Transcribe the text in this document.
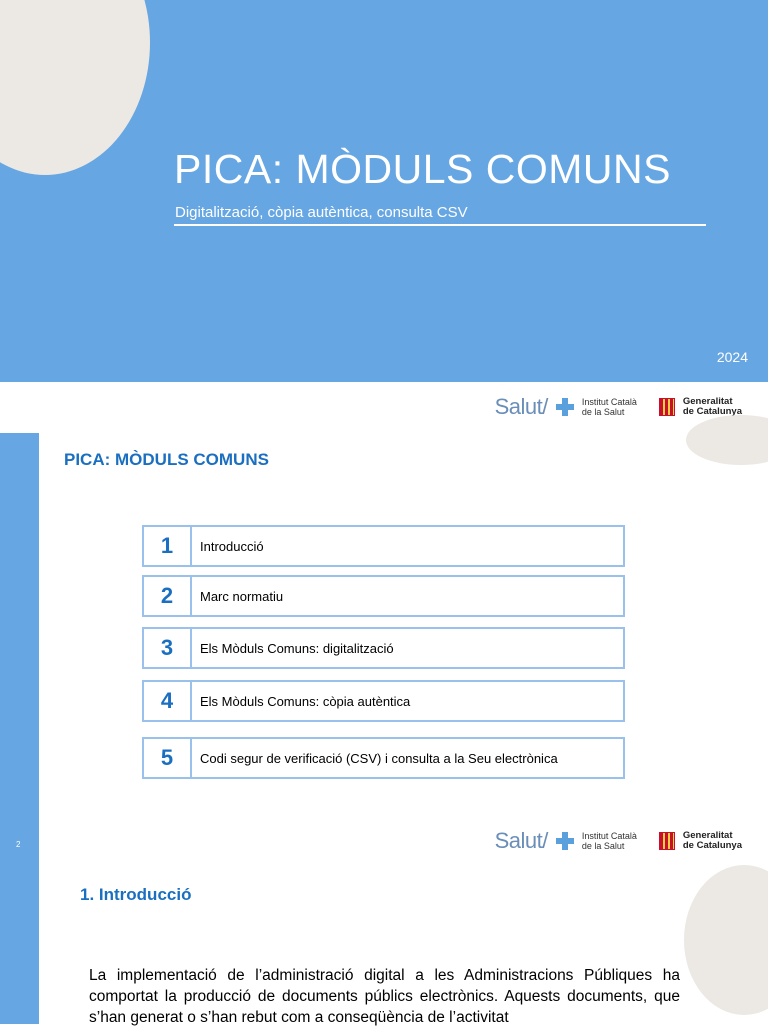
PICA: MÒDULS COMUNS
Digitalització, còpia autèntica, consulta CSV
2024
2
Salut/	Institut Català
de la Salut
Generalitat
de Catalunya
PICA: MÒDULS COMUNS
1	Introducció
2	Marc normatiu
3	Els Mòduls Comuns: digitalització
4	Els Mòduls Comuns: còpia autèntica
5	Codi segur de verificació (CSV) i consulta a la Seu electrònica
Salut/	Institut Català
de la Salut
Generalitat
de Catalunya
1. Introducció

La implementació de l’administració digital a les Administracions Públiques ha comportat la producció de documents públics electrònics. Aquests documents, que s’han generat o s’han rebut com a conseqüència de l’activitat
